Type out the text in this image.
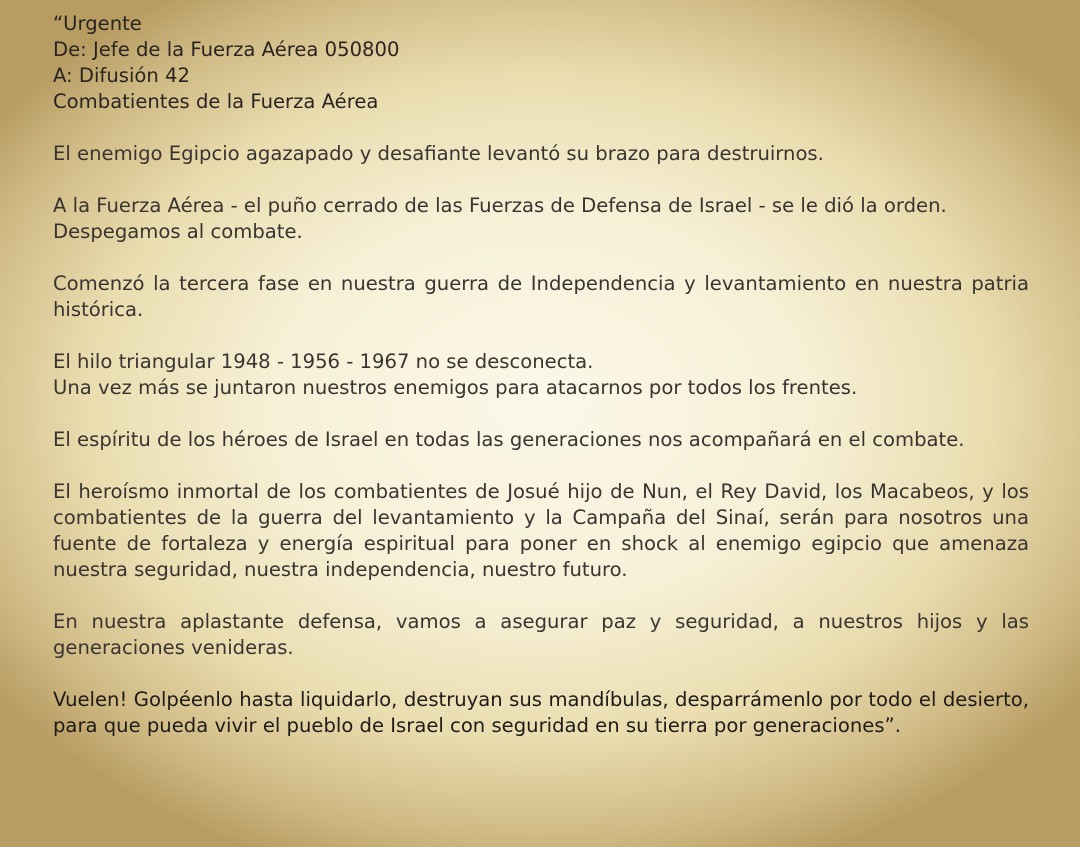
“Urgente
De: Jefe de la Fuerza Aérea 050800
A: Difusión 42
Combatientes de la Fuerza Aérea
El enemigo Egipcio agazapado y desafiante levantó su brazo para destruirnos.
A la Fuerza Aérea - el puño cerrado de las Fuerzas de Defensa de Israel - se le dió la orden.
Despegamos al combate.
Comenzó la tercera fase en nuestra guerra de Independencia y levantamiento en nuestra patria histórica.
El hilo triangular 1948 - 1956 - 1967 no se desconecta.
Una vez más se juntaron nuestros enemigos para atacarnos por todos los frentes.
El espíritu de los héroes de Israel en todas las generaciones nos acompañará en el combate.
El heroísmo inmortal de los combatientes de Josué hijo de Nun, el Rey David, los Macabeos, y los combatientes de la guerra del levantamiento y la Campaña del Sinaí, serán para nosotros una fuente de fortaleza y energía espiritual para poner en shock al enemigo egipcio que amenaza nuestra seguridad, nuestra independencia, nuestro futuro.
En nuestra aplastante defensa, vamos a asegurar paz y seguridad, a nuestros hijos y las generaciones venideras.
Vuelen! Golpéenlo hasta liquidarlo, destruyan sus mandíbulas, desparrámenlo por todo el desierto, para que pueda vivir el pueblo de Israel con seguridad en su tierra por generaciones”.
